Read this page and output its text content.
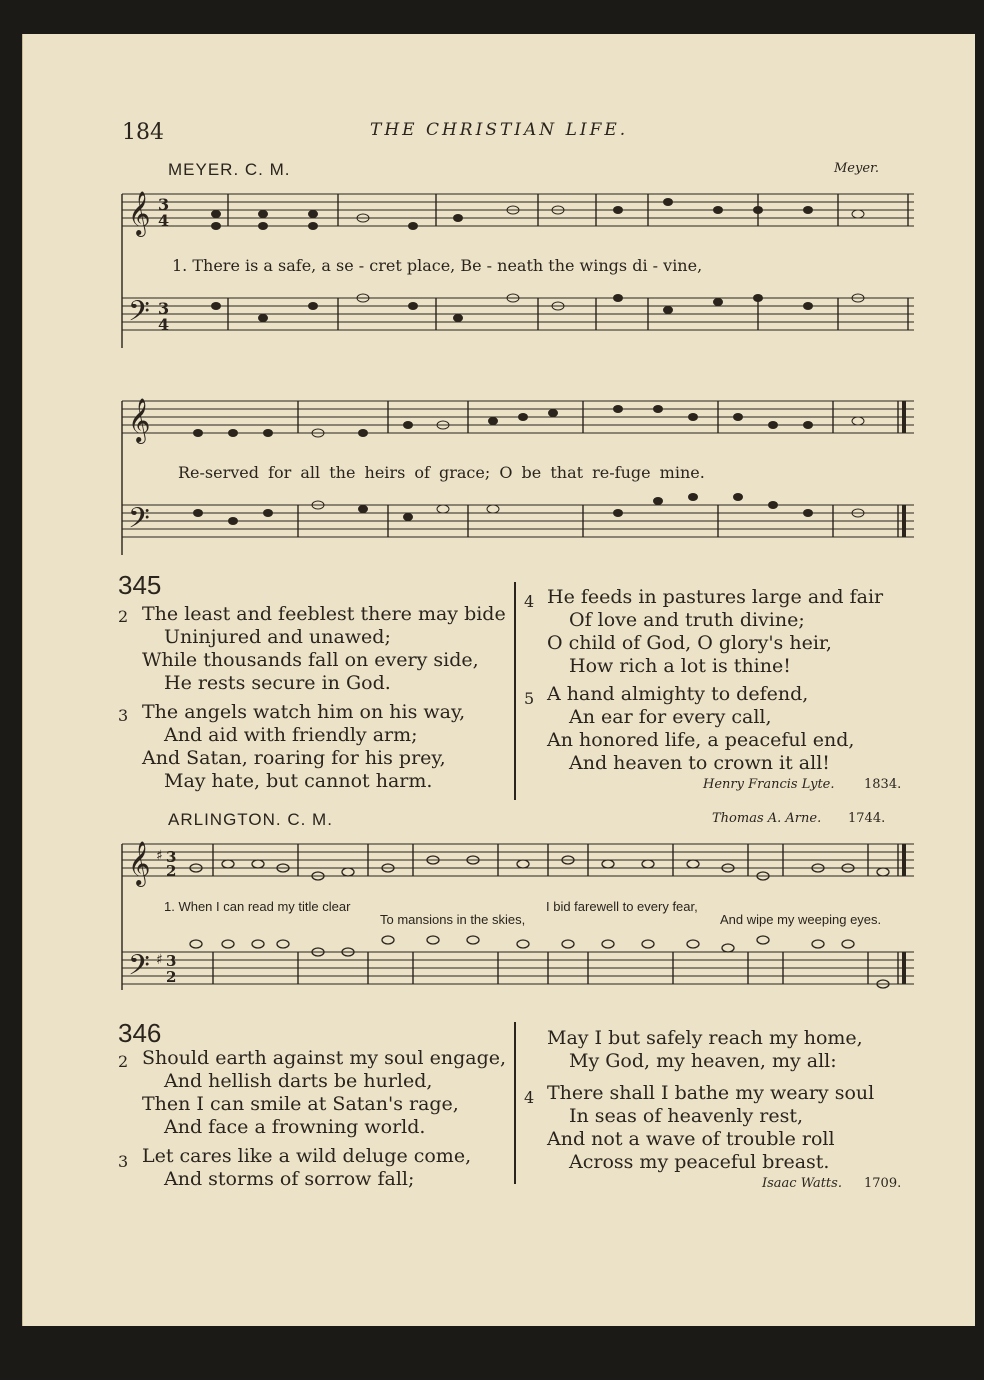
184	THE CHRISTIAN LIFE.
MEYER. C. M.	Meyer.
𝄞
𝄢
3
4
3
4
1. There is a safe, a se - cret place, Be - neath the wings di - vine,
𝄞
𝄢
Re-served for all the heirs of grace; O be that re-fuge mine.
345
2 The least and feeblest there may bide
Uninjured and unawed;
While thousands fall on every side,
He rests secure in God.
3 The angels watch him on his way,
And aid with friendly arm;
And Satan, roaring for his prey,
May hate, but cannot harm.
4 He feeds in pastures large and fair
Of love and truth divine;
O child of God, O glory's heir,
How rich a lot is thine!
5 A hand almighty to defend,
An ear for every call,
An honored life, a peaceful end,
And heaven to crown it all!
Henry Francis Lyte. 1834.
ARLINGTON. C. M.	Thomas A. Arne. 1744.
𝄞
𝄢
♯ 3
2
♯ 3
2
1. When I can read my title clear
To mansions in the skies,
I bid farewell to every fear,
And wipe my weeping eyes.
346
2 Should earth against my soul engage,
And hellish darts be hurled,
Then I can smile at Satan's rage,
And face a frowning world.
3 Let cares like a wild deluge come,
And storms of sorrow fall;
May I but safely reach my home,
My God, my heaven, my all:
4 There shall I bathe my weary soul
In seas of heavenly rest,
And not a wave of trouble roll
Across my peaceful breast.
Isaac Watts. 1709.
